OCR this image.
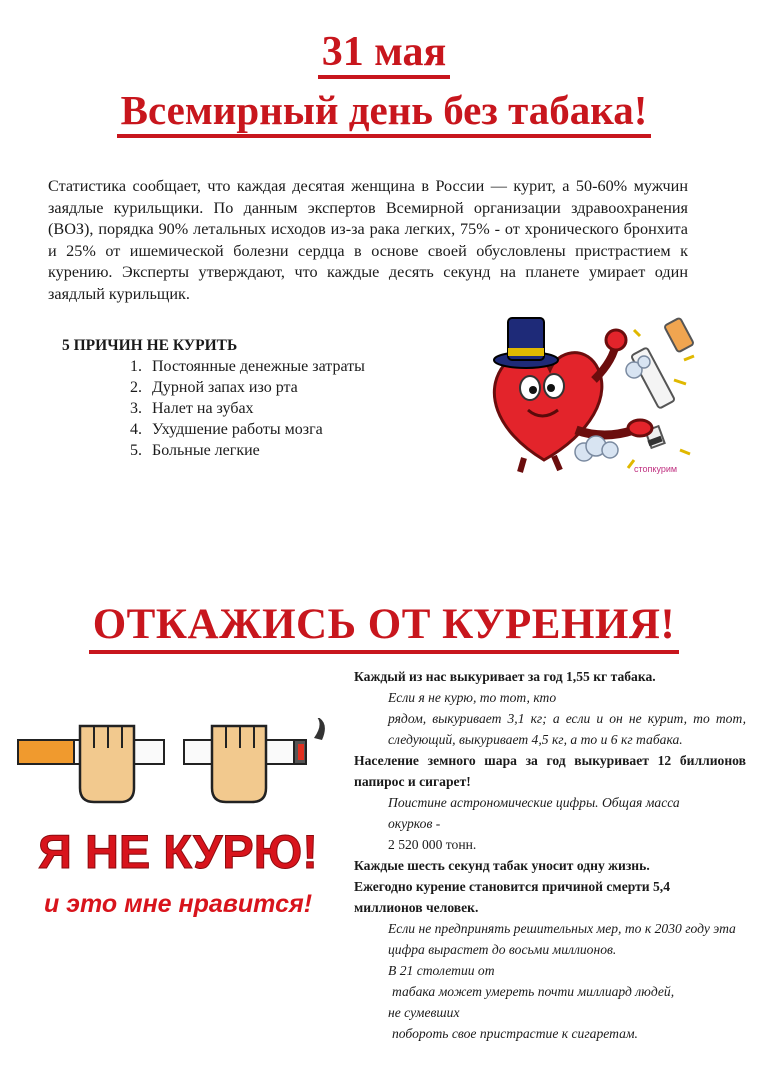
31 мая
Всемирный день без табака!

Статистика сообщает, что каждая десятая женщина в России — курит, а 50-60% мужчин заядлые курильщики. По данным экспертов Всемирной организации здравоохранения (ВОЗ), порядка 90% летальных исходов из-за рака легких, 75% - от хронического бронхита и 25% от ишемической болезни сердца в основе своей обусловлены пристрастием к курению. Эксперты утверждают, что каждые десять секунд на планете умирает один заядлый курильщик.

5 ПРИЧИН НЕ КУРИТЬ
1. Постоянные денежные затраты
2. Дурной запах изо рта
3. Налет на зубах
4. Ухудшение работы мозга
5. Больные легкие
стопкурим
ОТКАЖИСЬ ОТ КУРЕНИЯ!
Я НЕ КУРЮ!
и это мне нравится!
Каждый из нас выкуривает за год 1,55 кг табака.
Если я не курю, то тот, кто
рядом, выкуривает 3,1 кг; а если и он не курит, то тот, следующий, выкуривает 4,5 кг, а то и 6 кг табака.
Население земного шара за год выкуривает 12 биллионов папирос и сигарет!
Поистине астрономические цифры. Общая масса окурков -
2 520 000 тонн.
Каждые шесть секунд табак уносит одну жизнь.
Ежегодно курение становится причиной смерти 5,4 миллионов человек.
Если не предпринять решительных мер, то к 2030 году эта цифра вырастет до восьми миллионов.
В 21 столетии от
табака может умереть почти миллиард людей,
не сумевших
побороть свое пристрастие к сигаретам.
